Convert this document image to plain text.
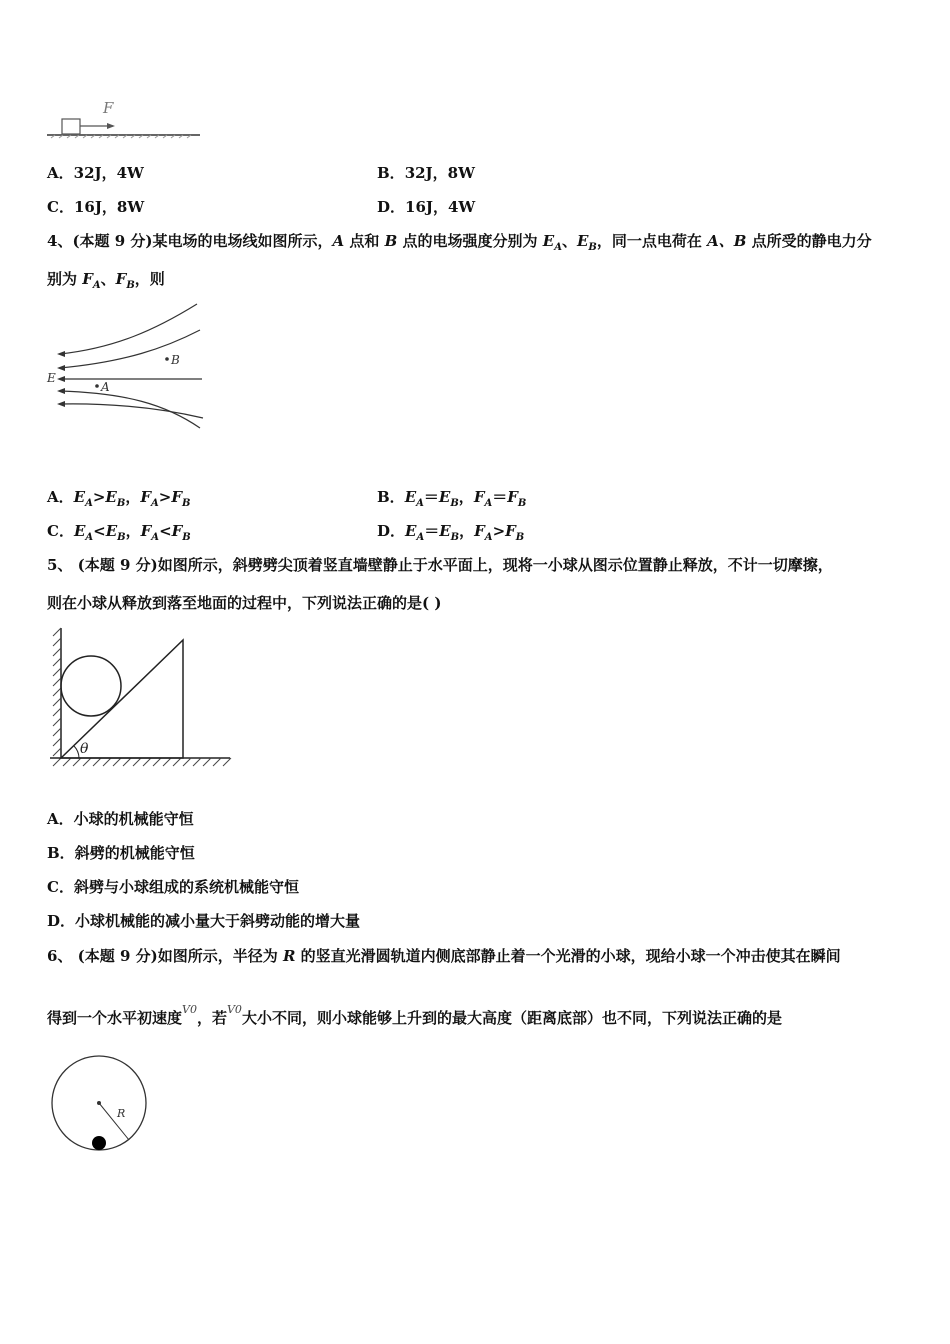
F
A．32J，4W	B．32J，8W
C．16J，8W	D．16J，4W
4、(本题 9 分)某电场的电场线如图所示，A 点和 B 点的电场强度分别为 $E_A$、$E_B$，同一点电荷在 A、B 点所受的静电力分
别为 $F_A$、$F_B$，则
B
A
E
A．$E_A>E_B$，$F_A>F_B$	B．$E_A=E_B$，$F_A=F_B$
C．$E_A<E_B$，$F_A<F_B$	D．$E_A=E_B$，$F_A>F_B$
5、 (本题 9 分)如图所示，斜劈劈尖顶着竖直墙壁静止于水平面上，现将一小球从图示位置静止释放，不计一切摩擦，
则在小球从释放到落至地面的过程中，下列说法正确的是( )
θ
A．小球的机械能守恒
B．斜劈的机械能守恒
C．斜劈与小球组成的系统机械能守恒
D．小球机械能的减小量大于斜劈动能的增大量
6、 (本题 9 分)如图所示，半径为 R 的竖直光滑圆轨道内侧底部静止着一个光滑的小球，现给小球一个冲击使其在瞬间
得到一个水平初速度$^{V0}$，若$^{V0}$大小不同，则小球能够上升到的最大高度（距离底部）也不同，下列说法正确的是
R
